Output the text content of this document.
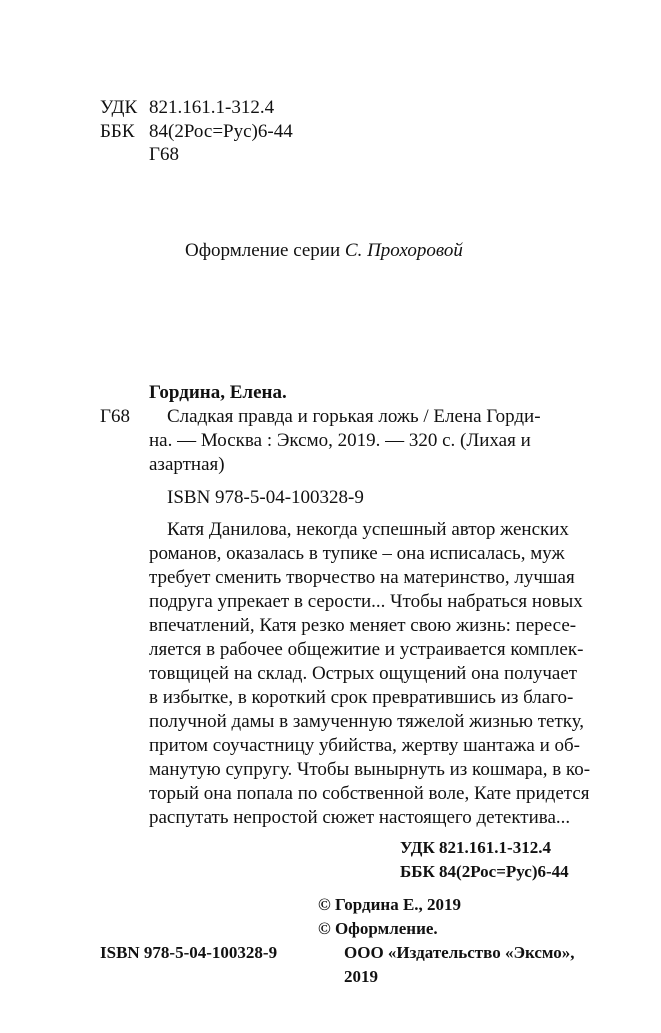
УДК 821.161.1-312.4
ББК 84(2Рос=Рус)6-44
Г68
Оформление серии С. Прохоровой
Гордина, Елена.
Г68 Сладкая правда и горькая ложь / Елена Горди-
на. — Москва : Эксмо, 2019. — 320 с. (Лихая и
азартная)
ISBN 978-5-04-100328-9
Катя Данилова, некогда успешный автор женских
романов, оказалась в тупике – она исписалась, муж
требует сменить творчество на материнство, лучшая
подруга упрекает в серости... Чтобы набраться новых
впечатлений, Катя резко меняет свою жизнь: пересе-
ляется в рабочее общежитие и устраивается комплек-
товщицей на склад. Острых ощущений она получает
в избытке, в короткий срок превратившись из благо-
получной дамы в замученную тяжелой жизнью тетку,
притом соучастницу убийства, жертву шантажа и об-
манутую супругу. Чтобы вынырнуть из кошмара, в ко-
торый она попала по собственной воле, Кате придется
распутать непростой сюжет настоящего детектива...
УДК 821.161.1-312.4
ББК 84(2Рос=Рус)6-44
© Гордина Е., 2019
© Оформление.
ООО «Издательство «Эксмо»,
2019
ISBN 978-5-04-100328-9
